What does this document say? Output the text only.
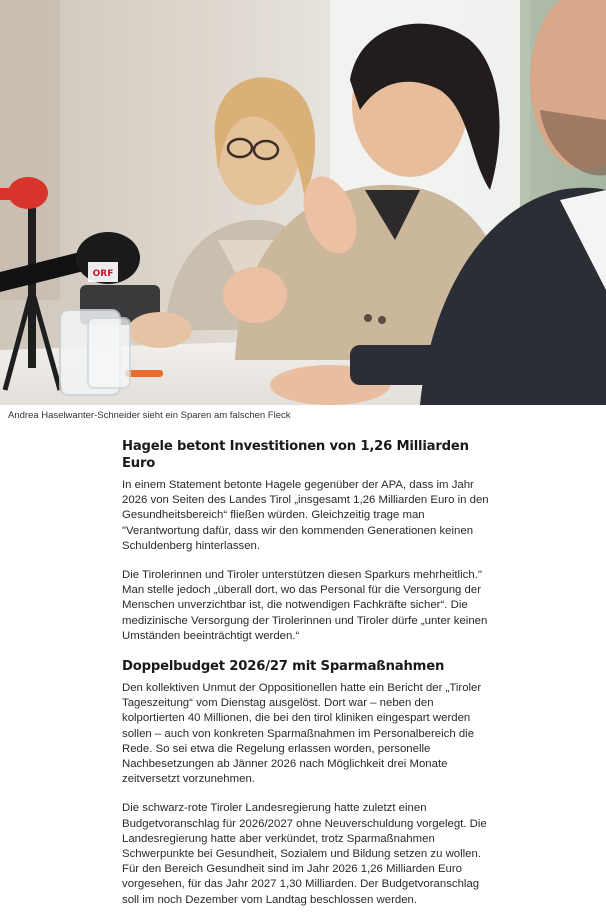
ORF
Andrea Haselwanter-Schneider sieht ein Sparen am falschen Fleck
Hagele betont Investitionen von 1,26 Milliarden Euro

In einem Statement betonte Hagele gegenüber der APA, dass im Jahr 2026 von Seiten des Landes Tirol „insgesamt 1,26 Milliarden Euro in den Gesundheitsbereich“ fließen würden. Gleichzeitig trage man "Verantwortung dafür, dass wir den kommenden Generationen keinen Schuldenberg hinterlassen.

Die Tirolerinnen und Tiroler unterstützen diesen Sparkurs mehrheitlich." Man stelle jedoch „überall dort, wo das Personal für die Versorgung der Menschen unverzichtbar ist, die notwendigen Fachkräfte sicher“. Die medizinische Versorgung der Tirolerinnen und Tiroler dürfe „unter keinen Umständen beeinträchtigt werden.“

Doppelbudget 2026/27 mit Sparmaßnahmen

Den kollektiven Unmut der Oppositionellen hatte ein Bericht der „Tiroler Tageszeitung“ vom Dienstag ausgelöst. Dort war – neben den kolportierten 40 Millionen, die bei den tirol kliniken eingespart werden sollen – auch von konkreten Sparmaßnahmen im Personalbereich die Rede. So sei etwa die Regelung erlassen worden, personelle Nachbesetzungen ab Jänner 2026 nach Möglichkeit drei Monate zeitversetzt vorzunehmen.

Die schwarz-rote Tiroler Landesregierung hatte zuletzt einen Budgetvoranschlag für 2026/2027 ohne Neuverschuldung vorgelegt. Die Landesregierung hatte aber verkündet, trotz Sparmaßnahmen Schwerpunkte bei Gesundheit, Sozialem und Bildung setzen zu wollen. Für den Bereich Gesundheit sind im Jahr 2026 1,26 Milliarden Euro vorgesehen, für das Jahr 2027 1,30 Milliarden. Der Budgetvoranschlag soll im noch Dezember vom Landtag beschlossen werden.
